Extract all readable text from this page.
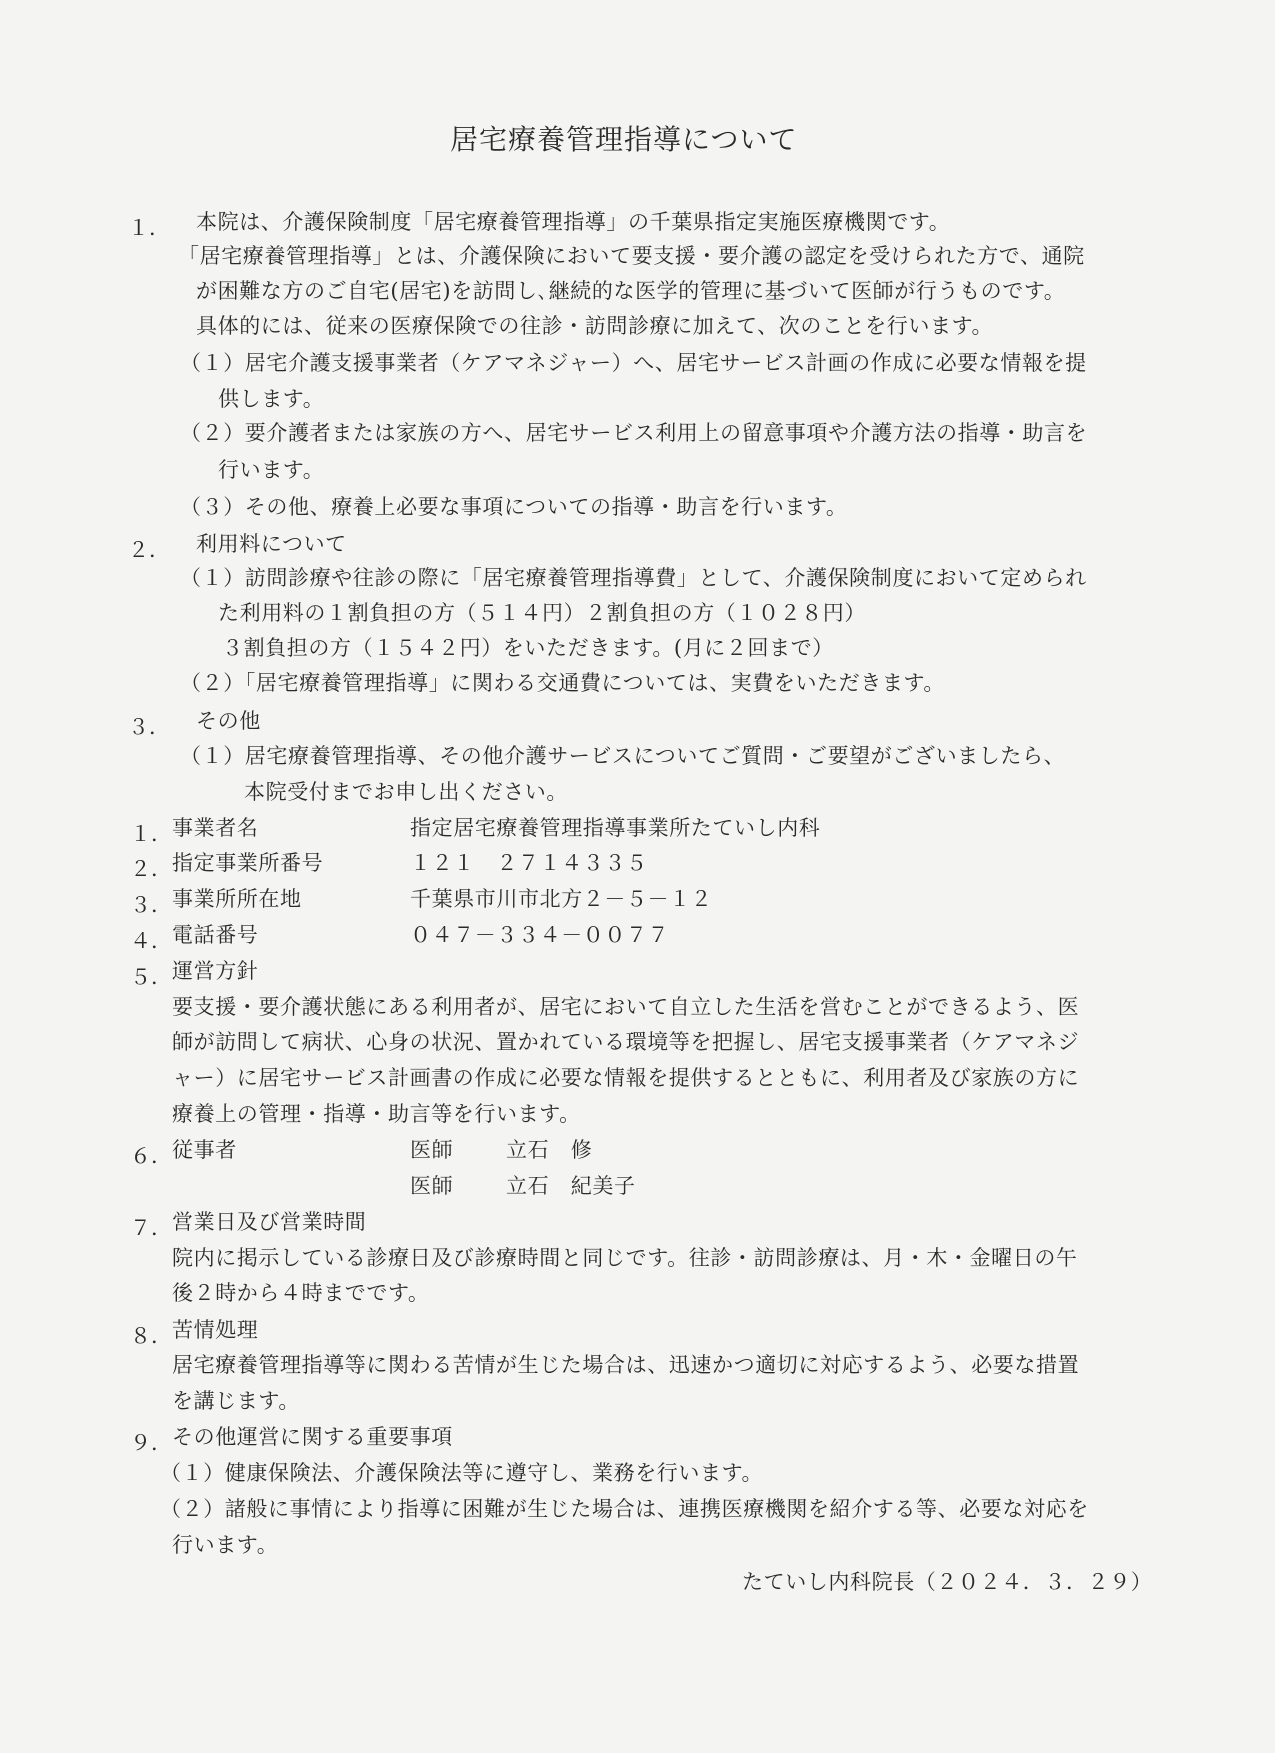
居宅療養管理指導について
１． 本院は、介護保険制度「居宅療養管理指導」の千葉県指定実施医療機関です。
「居宅療養管理指導」とは、介護保険において要支援・要介護の認定を受けられた方で、通院
が困難な方のご自宅(居宅)を訪問し､継続的な医学的管理に基づいて医師が行うものです。
具体的には、従来の医療保険での往診・訪問診療に加えて、次のことを行います。
（１）居宅介護支援事業者（ケアマネジャー）へ、居宅サービス計画の作成に必要な情報を提
供します。
（２）要介護者または家族の方へ、居宅サービス利用上の留意事項や介護方法の指導・助言を
行います。
（３）その他、療養上必要な事項についての指導・助言を行います。
２． 利用料について
（１）訪問診療や往診の際に「居宅療養管理指導費」として、介護保険制度において定められ
た利用料の１割負担の方（５１４円）２割負担の方（１０２８円）
３割負担の方（１５４２円）をいただきます。(月に２回まで）
（２）「居宅療養管理指導」に関わる交通費については、実費をいただきます。
３． その他
（１）居宅療養管理指導、その他介護サービスについてご質問・ご要望がございましたら、
本院受付までお申し出ください。
１． 事業者名	指定居宅療養管理指導事業所たていし内科
２． 指定事業所番号	１２１　２７１４３３５
３． 事業所所在地	千葉県市川市北方２－５－１２
４． 電話番号	０４７－３３４－００７７
５． 運営方針
要支援・要介護状態にある利用者が、居宅において自立した生活を営むことができるよう、医
師が訪問して病状、心身の状況、置かれている環境等を把握し、居宅支援事業者（ケアマネジ
ャー）に居宅サービス計画書の作成に必要な情報を提供するとともに、利用者及び家族の方に
療養上の管理・指導・助言等を行います。
６． 従事者	医師	立石　修
医師	立石　紀美子
７． 営業日及び営業時間
院内に掲示している診療日及び診療時間と同じです。往診・訪問診療は、月・木・金曜日の午
後２時から４時までです。
８． 苦情処理
居宅療養管理指導等に関わる苦情が生じた場合は、迅速かつ適切に対応するよう、必要な措置
を講じます。
９． その他運営に関する重要事項
（１）健康保険法、介護保険法等に遵守し、業務を行います。
（２）諸般に事情により指導に困難が生じた場合は、連携医療機関を紹介する等、必要な対応を
行います。
たていし内科院長（２０２４．３．２９）
